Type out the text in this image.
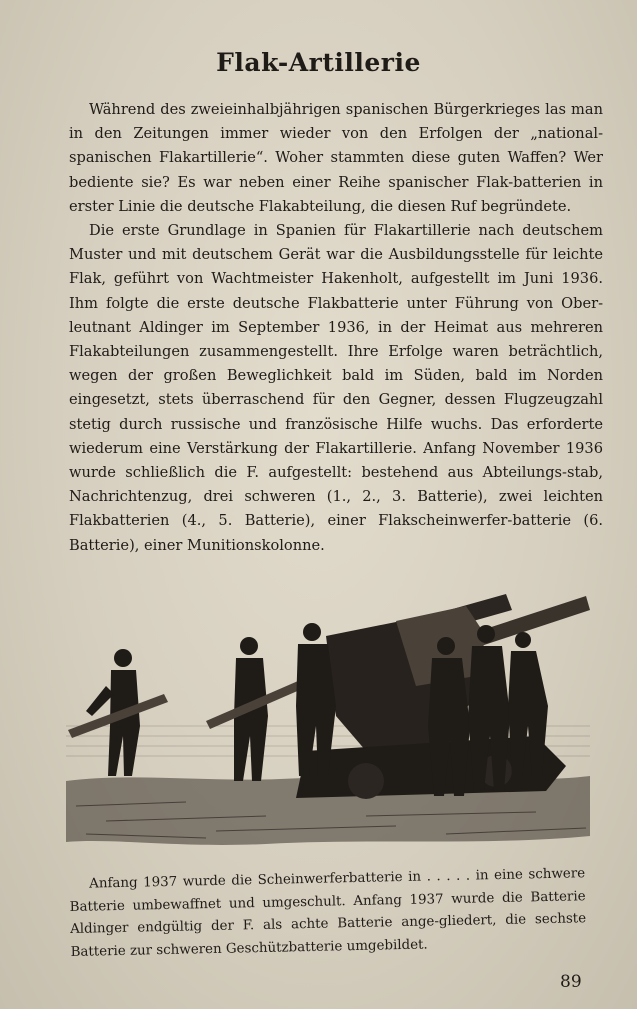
Flak-Artillerie

Während des zweieinhalbjährigen spanischen Bürgerkrieges las man in den Zeitungen immer wieder von den Erfolgen der „national-spanischen Flakartillerie“. Woher stammten diese guten Waffen? Wer bediente sie? Es war neben einer Reihe spanischer Flak-batterien in erster Linie die deutsche Flakabteilung, die diesen Ruf begründete.

Die erste Grundlage in Spanien für Flakartillerie nach deutschem Muster und mit deutschem Gerät war die Ausbildungsstelle für leichte Flak, geführt von Wachtmeister Hakenholt, aufgestellt im Juni 1936. Ihm folgte die erste deutsche Flakbatterie unter Führung von Ober-leutnant Aldinger im September 1936, in der Heimat aus mehreren Flakabteilungen zusammengestellt. Ihre Erfolge waren beträchtlich, wegen der großen Beweglichkeit bald im Süden, bald im Norden eingesetzt, stets überraschend für den Gegner, dessen Flugzeugzahl stetig durch russische und französische Hilfe wuchs. Das erforderte wiederum eine Verstärkung der Flakartillerie. Anfang November 1936 wurde schließlich die F. aufgestellt: bestehend aus Abteilungs-stab, Nachrichtenzug, drei schweren (1., 2., 3. Batterie), zwei leichten Flakbatterien (4., 5. Batterie), einer Flakscheinwerfer-batterie (6. Batterie), einer Munitionskolonne.

Anfang 1937 wurde die Scheinwerferbatterie in . . . . . in eine schwere Batterie umbewaffnet und umgeschult. Anfang 1937 wurde die Batterie Aldinger endgültig der F. als achte Batterie ange-gliedert, die sechste Batterie zur schweren Geschützbatterie umgebildet.

89
